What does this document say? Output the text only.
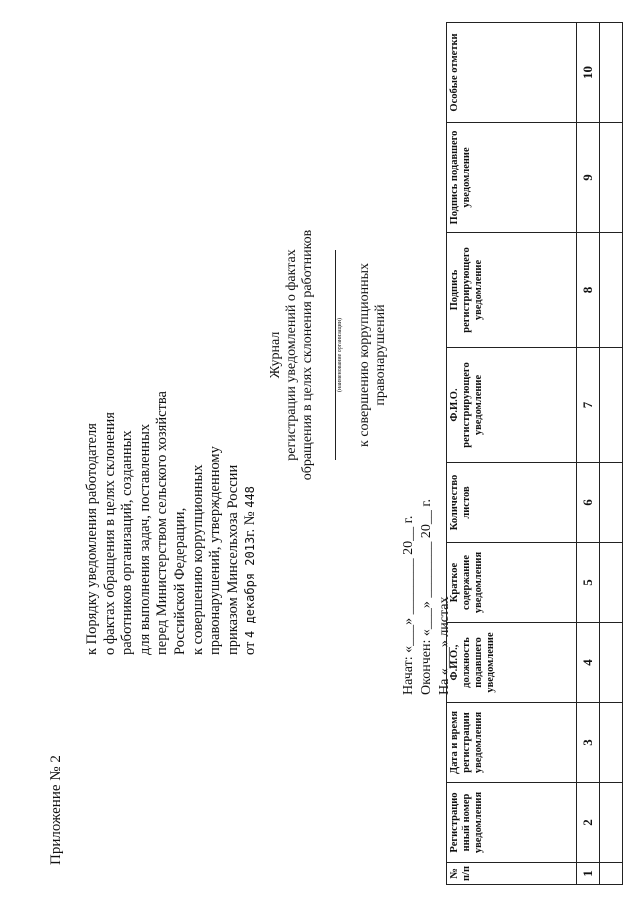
Приложение № 2
к Порядку уведомления работодателя о фактах обращения в целях склонения работников организаций, созданных для выполнения задач, поставленных перед Министерством сельского хозяйства Российской Федерации, к совершению коррупционных правонарушений, утвержденному приказом Минсельхоза России от 4 декабря 2013г. № 448
Журнал регистрации уведомлений о фактах обращения в целях склонения работников	(наименование организации) к совершению коррупционных правонарушений
Начат: «___» ________ 20__ г. Окончен: «___» ________ 20__ г. На «___» листах
№ п/п	Регистрацио нный номер уведомления	Дата и время регистрации уведомления	Ф.И.О., должность подавшего уведомление	Краткое содержание уведомления	Количество листов	Ф.И.О. регистрирующего уведомление	Подпись регистрирующего уведомление	Подпись подавшего уведомление	Особые отметки
1	2	3	4	5	6	7	8	9	10
